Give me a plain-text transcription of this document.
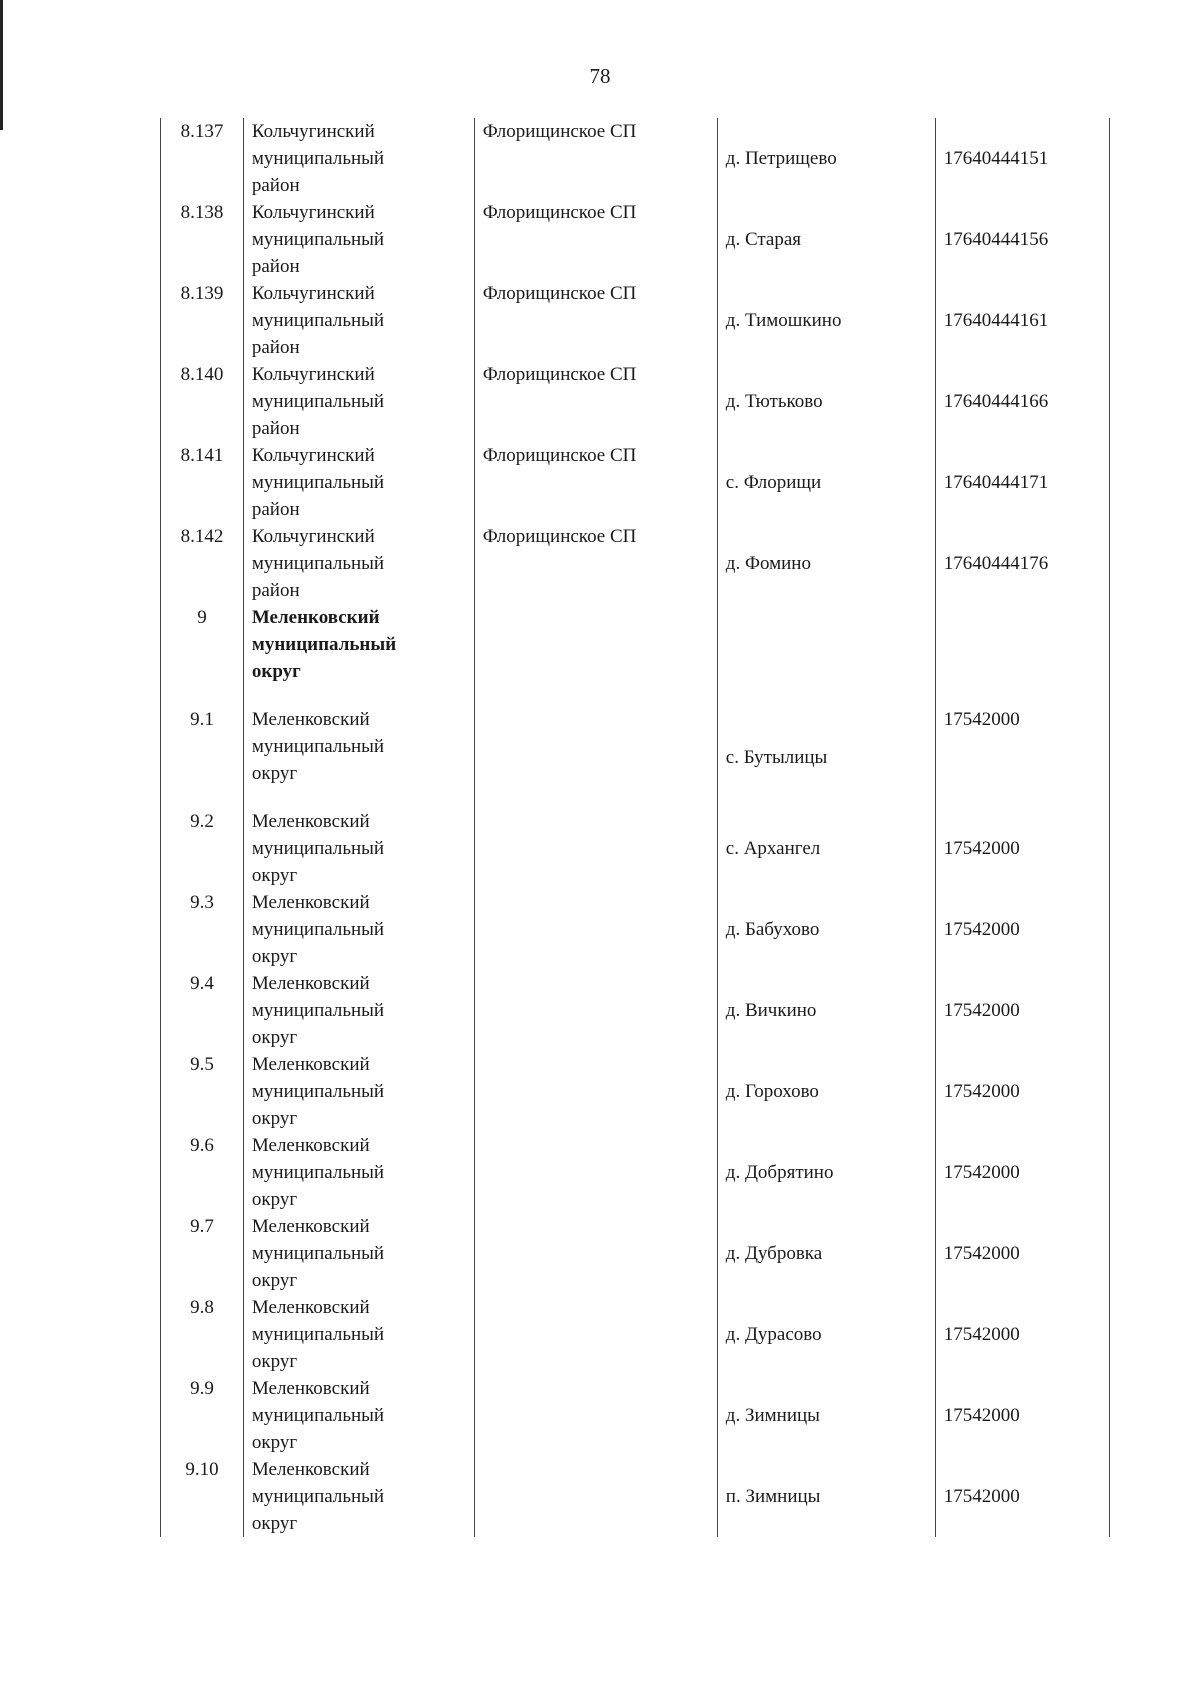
78
8.137	Кольчугинский
муниципальный
район	Флорищинское СП	д. Петрищево	17640444151
8.138	Кольчугинский
муниципальный
район	Флорищинское СП	д. Старая	17640444156
8.139	Кольчугинский
муниципальный
район	Флорищинское СП	д. Тимошкино	17640444161
8.140	Кольчугинский
муниципальный
район	Флорищинское СП	д. Тютьково	17640444166
8.141	Кольчугинский
муниципальный
район	Флорищинское СП	с. Флорищи	17640444171
8.142	Кольчугинский
муниципальный
район	Флорищинское СП	д. Фомино	17640444176
9	Меленковский
муниципальный
округ			

9.1	Меленковский
муниципальный
округ		с. Бутылицы	17542000
9.2	Меленковский
муниципальный
округ		с. Архангел	17542000
9.3	Меленковский
муниципальный
округ		д. Бабухово	17542000
9.4	Меленковский
муниципальный
округ		д. Вичкино	17542000
9.5	Меленковский
муниципальный
округ		д. Горохово	17542000
9.6	Меленковский
муниципальный
округ		д. Добрятино	17542000
9.7	Меленковский
муниципальный
округ		д. Дубровка	17542000
9.8	Меленковский
муниципальный
округ		д. Дурасово	17542000
9.9	Меленковский
муниципальный
округ		д. Зимницы	17542000
9.10	Меленковский
муниципальный
округ		п. Зимницы	17542000
